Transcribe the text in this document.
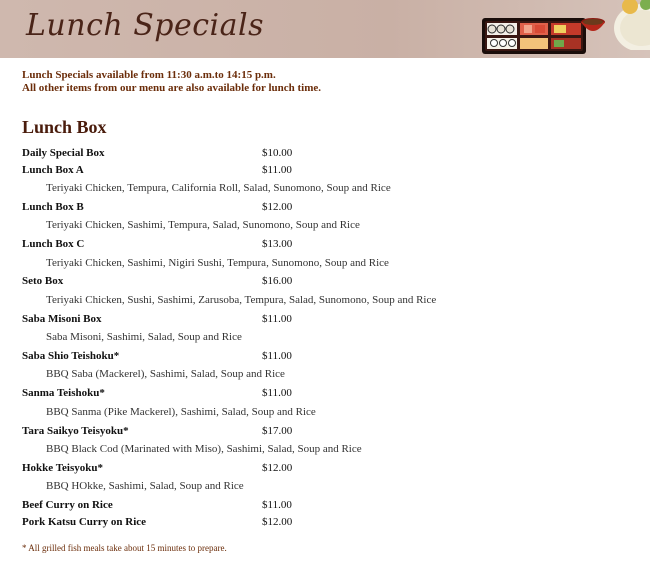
Lunch Specials
Lunch Specials available from 11:30 a.m.to 14:15 p.m.
All other items from our menu are also available for lunch time.
Lunch Box
Daily Special Box	$10.00
Lunch Box A	$11.00
Teriyaki Chicken, Tempura, California Roll, Salad, Sunomono, Soup and Rice
Lunch Box B	$12.00
Teriyaki Chicken, Sashimi, Tempura, Salad, Sunomono, Soup and Rice
Lunch Box C	$13.00
Teriyaki Chicken, Sashimi, Nigiri Sushi, Tempura, Sunomono, Soup and Rice
Seto Box	$16.00
Teriyaki Chicken, Sushi, Sashimi, Zarusoba, Tempura, Salad, Sunomono, Soup and Rice
Saba Misoni Box	$11.00
Saba Misoni, Sashimi, Salad, Soup and Rice
Saba Shio Teishoku*	$11.00
BBQ Saba (Mackerel), Sashimi, Salad, Soup and Rice
Sanma Teishoku*	$11.00
BBQ Sanma (Pike Mackerel), Sashimi, Salad, Soup and Rice
Tara Saikyo Teisyoku*	$17.00
BBQ Black Cod (Marinated with Miso), Sashimi, Salad, Soup and Rice
Hokke Teisyoku*	$12.00
BBQ HOkke, Sashimi, Salad, Soup and Rice
Beef Curry on Rice	$11.00
Pork Katsu Curry on Rice	$12.00
* All grilled fish meals take about 15 minutes to prepare.
